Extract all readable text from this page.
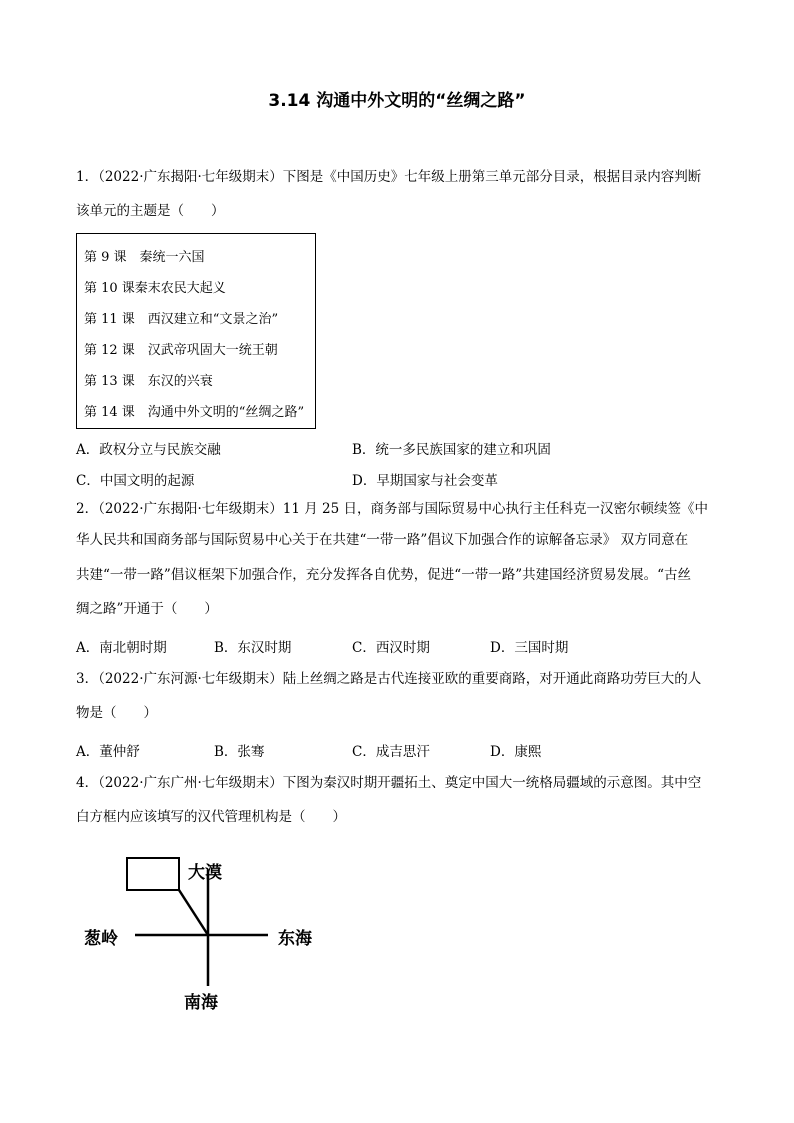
3.14 沟通中外文明的“丝绸之路”
1．（2022·广东揭阳·七年级期末）下图是《中国历史》七年级上册第三单元部分目录，根据目录内容判断
该单元的主题是（　　）
第 9 课　秦统一六国
第 10 课秦末农民大起义
第 11 课　西汉建立和“文景之治”
第 12 课　汉武帝巩固大一统王朝
第 13 课　东汉的兴衰
第 14 课　沟通中外文明的“丝绸之路”
A．政权分立与民族交融	B．统一多民族国家的建立和巩固
C．中国文明的起源	D．早期国家与社会变革
2．（2022·广东揭阳·七年级期末）11 月 25 日，商务部与国际贸易中心执行主任科克一汉密尔顿续签《中
华人民共和国商务部与国际贸易中心关于在共建“一带一路”倡议下加强合作的谅解备忘录》 双方同意在
共建“一带一路”倡议框架下加强合作，充分发挥各自优势，促进“一带一路”共建国经济贸易发展。“古丝
绸之路”开通于（　　）
A．南北朝时期	B．东汉时期	C．西汉时期	D．三国时期
3．（2022·广东河源·七年级期末）陆上丝绸之路是古代连接亚欧的重要商路，对开通此商路功劳巨大的人
物是（　　）
A．董仲舒	B．张骞	C．成吉思汗	D．康熙
4．（2022·广东广州·七年级期末）下图为秦汉时期开疆拓土、奠定中国大一统格局疆域的示意图。其中空
白方框内应该填写的汉代管理机构是（　　）
大漠
葱岭	东海
南海
